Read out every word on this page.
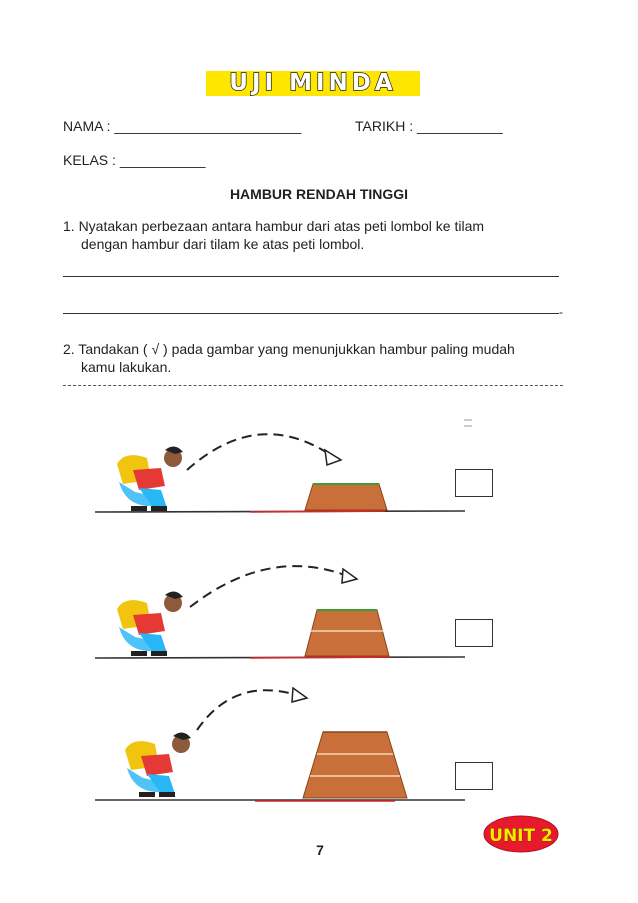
UJI MINDA
NAMA : ________________________	TARIKH : ___________
KELAS : ___________
HAMBUR RENDAH TINGGI
1. Nyatakan perbezaan antara hambur dari atas peti lombol ke tilam
dengan hambur dari tilam ke atas peti lombol.
-
2. Tandakan ( √ ) pada gambar yang menunjukkan hambur paling mudah
kamu lakukan.
UNIT 2
7
